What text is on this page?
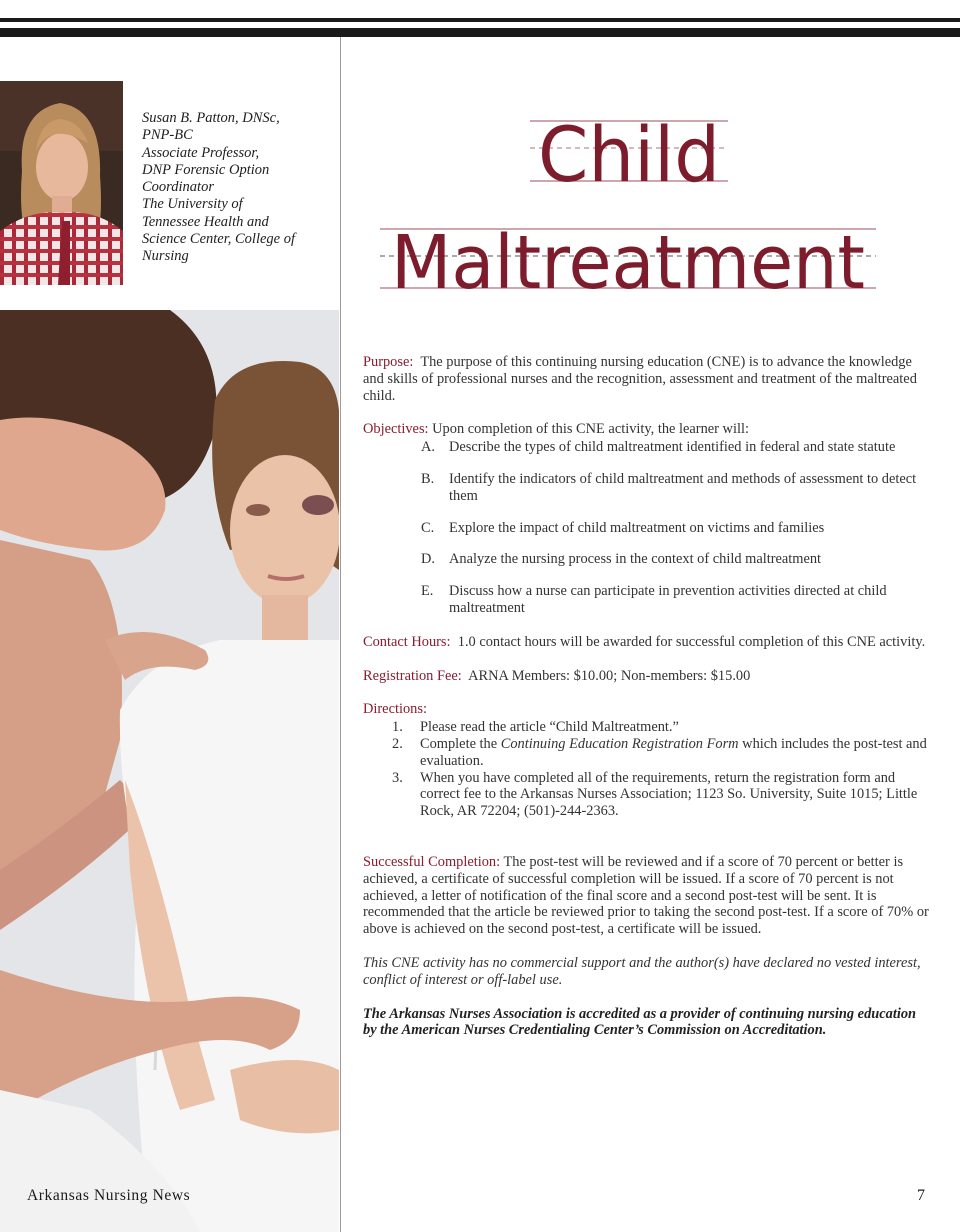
Susan B. Patton, DNSc,
PNP-BC
Associate Professor,
DNP Forensic Option
Coordinator
The University of
Tennessee Health and
Science Center, College of
Nursing
Child
Maltreatment

Purpose: The purpose of this continuing nursing education (CNE) is to advance the knowledge and skills of professional nurses and the recognition, assessment and treatment of the maltreated child.

Objectives: Upon completion of this CNE activity, the learner will:
A. Describe the types of child maltreatment identified in federal and state statute
B.	Identify the indicators of child maltreatment and methods of assessment to detect them
C.	Explore the impact of child maltreatment on victims and families
D. Analyze the nursing process in the context of child maltreatment
E.	Discuss how a nurse can participate in prevention activities directed at child maltreatment

Contact Hours: 1.0 contact hours will be awarded for successful completion of this CNE activity.

Registration Fee: ARNA Members: $10.00; Non-members: $15.00

Directions:
1.	Please read the article “Child Maltreatment.”
2.	Complete the Continuing Education Registration Form which includes the post-test and evaluation.
3.	When you have completed all of the requirements, return the registration form and correct fee to the Arkansas Nurses Association; 1123 So. University, Suite 1015; Little Rock, AR 72204; (501)-244-2363.

Successful Completion: The post-test will be reviewed and if a score of 70 percent or better is achieved, a certificate of successful completion will be issued. If a score of 70 percent is not achieved, a letter of notification of the final score and a second post-test will be sent. It is recommended that the article be reviewed prior to taking the second post-test. If a score of 70% or above is achieved on the second post-test, a certificate will be issued.

This CNE activity has no commercial support and the author(s) have declared no vested interest, conflict of interest or off-label use.

The Arkansas Nurses Association is accredited as a provider of continuing nursing education by the American Nurses Credentialing Center’s Commission on Accreditation.

Arkansas Nursing News	7
